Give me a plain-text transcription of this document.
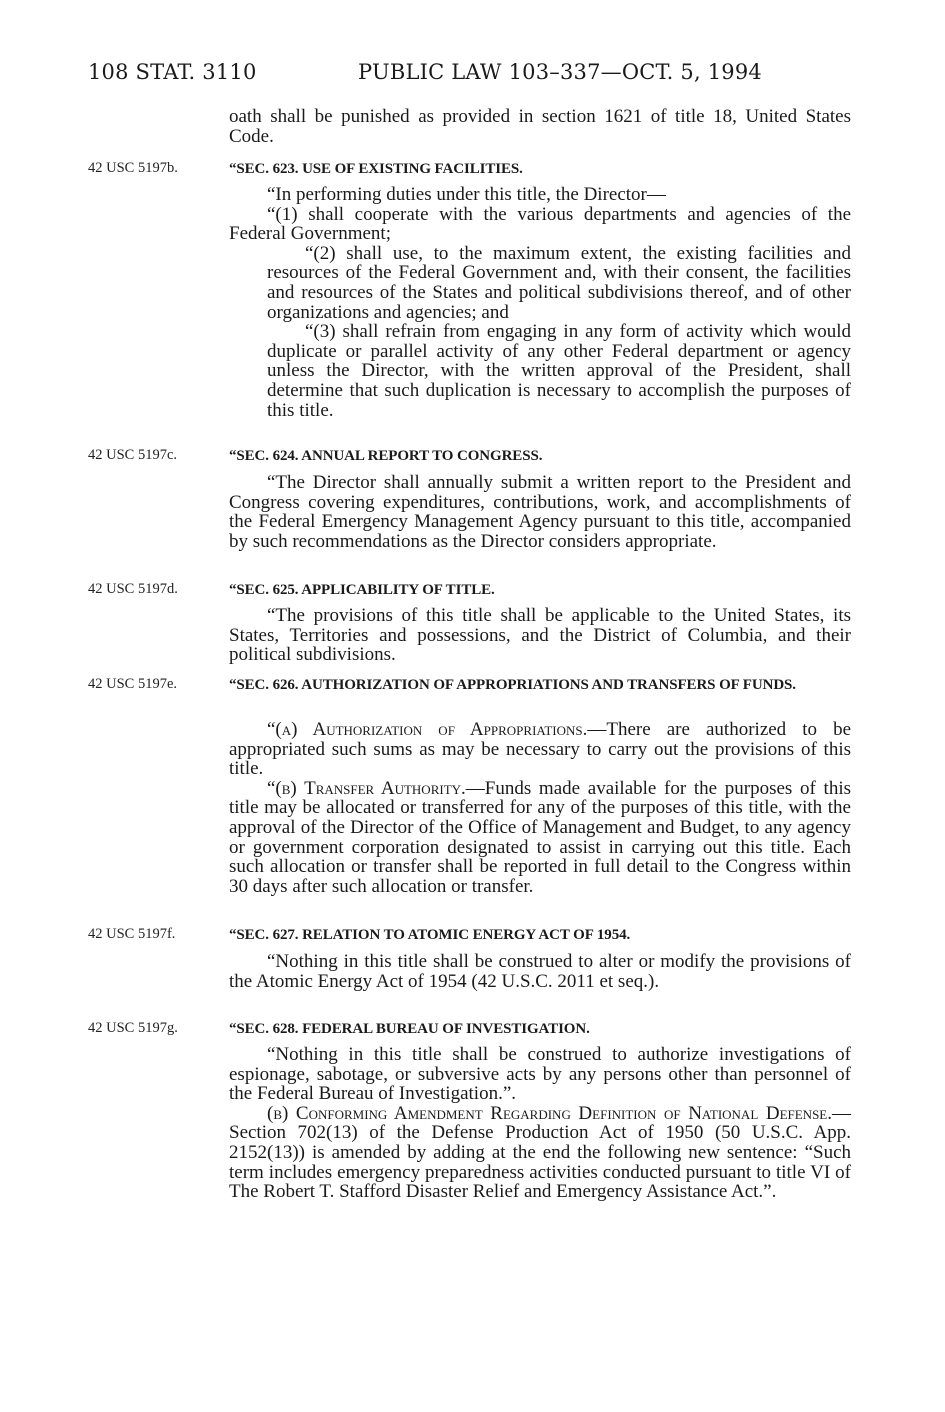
108 STAT. 3110	PUBLIC LAW 103–337—OCT. 5, 1994

oath shall be punished as provided in section 1621 of title 18, United States Code.

42 USC 5197b.	“SEC. 623. USE OF EXISTING FACILITIES.

“In performing duties under this title, the Director—

“(1) shall cooperate with the various departments and agencies of the Federal Government;

“(2) shall use, to the maximum extent, the existing facilities and resources of the Federal Government and, with their consent, the facilities and resources of the States and political subdivisions thereof, and of other organizations and agencies; and

“(3) shall refrain from engaging in any form of activity which would duplicate or parallel activity of any other Federal department or agency unless the Director, with the written approval of the President, shall determine that such duplication is necessary to accomplish the purposes of this title.

42 USC 5197c.	“SEC. 624. ANNUAL REPORT TO CONGRESS.

“The Director shall annually submit a written report to the President and Congress covering expenditures, contributions, work, and accomplishments of the Federal Emergency Management Agency pursuant to this title, accompanied by such recommendations as the Director considers appropriate.

42 USC 5197d.	“SEC. 625. APPLICABILITY OF TITLE.

“The provisions of this title shall be applicable to the United States, its States, Territories and possessions, and the District of Columbia, and their political subdivisions.

42 USC 5197e.	“SEC. 626. AUTHORIZATION OF APPROPRIATIONS AND TRANSFERS OF FUNDS.

“(a) Authorization of Appropriations.—There are authorized to be appropriated such sums as may be necessary to carry out the provisions of this title.

“(b) Transfer Authority.—Funds made available for the purposes of this title may be allocated or transferred for any of the purposes of this title, with the approval of the Director of the Office of Management and Budget, to any agency or government corporation designated to assist in carrying out this title. Each such allocation or transfer shall be reported in full detail to the Congress within 30 days after such allocation or transfer.

42 USC 5197f.	“SEC. 627. RELATION TO ATOMIC ENERGY ACT OF 1954.

“Nothing in this title shall be construed to alter or modify the provisions of the Atomic Energy Act of 1954 (42 U.S.C. 2011 et seq.).

42 USC 5197g.	“SEC. 628. FEDERAL BUREAU OF INVESTIGATION.

“Nothing in this title shall be construed to authorize investigations of espionage, sabotage, or subversive acts by any persons other than personnel of the Federal Bureau of Investigation.”.

(b) Conforming Amendment Regarding Definition of National Defense.—Section 702(13) of the Defense Production Act of 1950 (50 U.S.C. App. 2152(13)) is amended by adding at the end the following new sentence: “Such term includes emergency preparedness activities conducted pursuant to title VI of The Robert T. Stafford Disaster Relief and Emergency Assistance Act.”.
